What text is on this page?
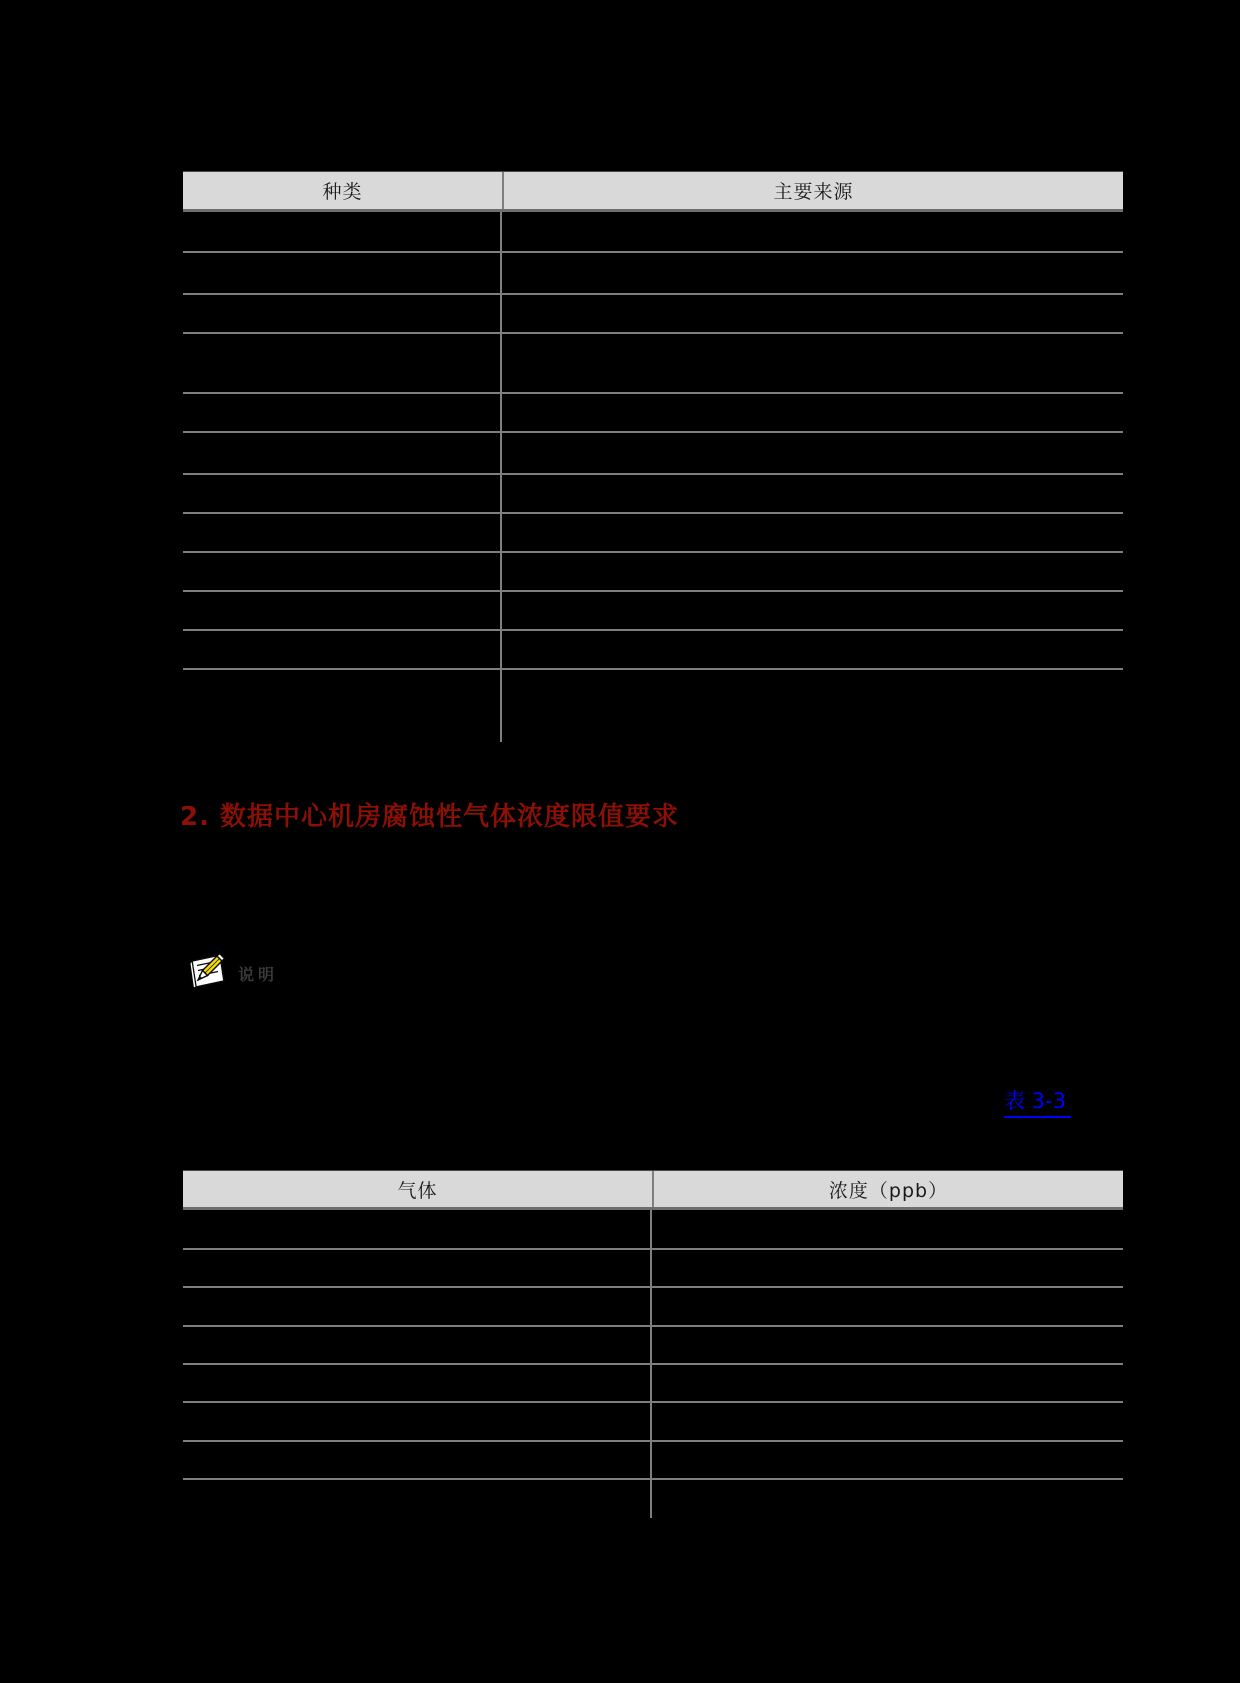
种类	主要来源
2. 数据中心机房腐蚀性气体浓度限值要求
说明
表 3-3
气体	浓度（ppb）
